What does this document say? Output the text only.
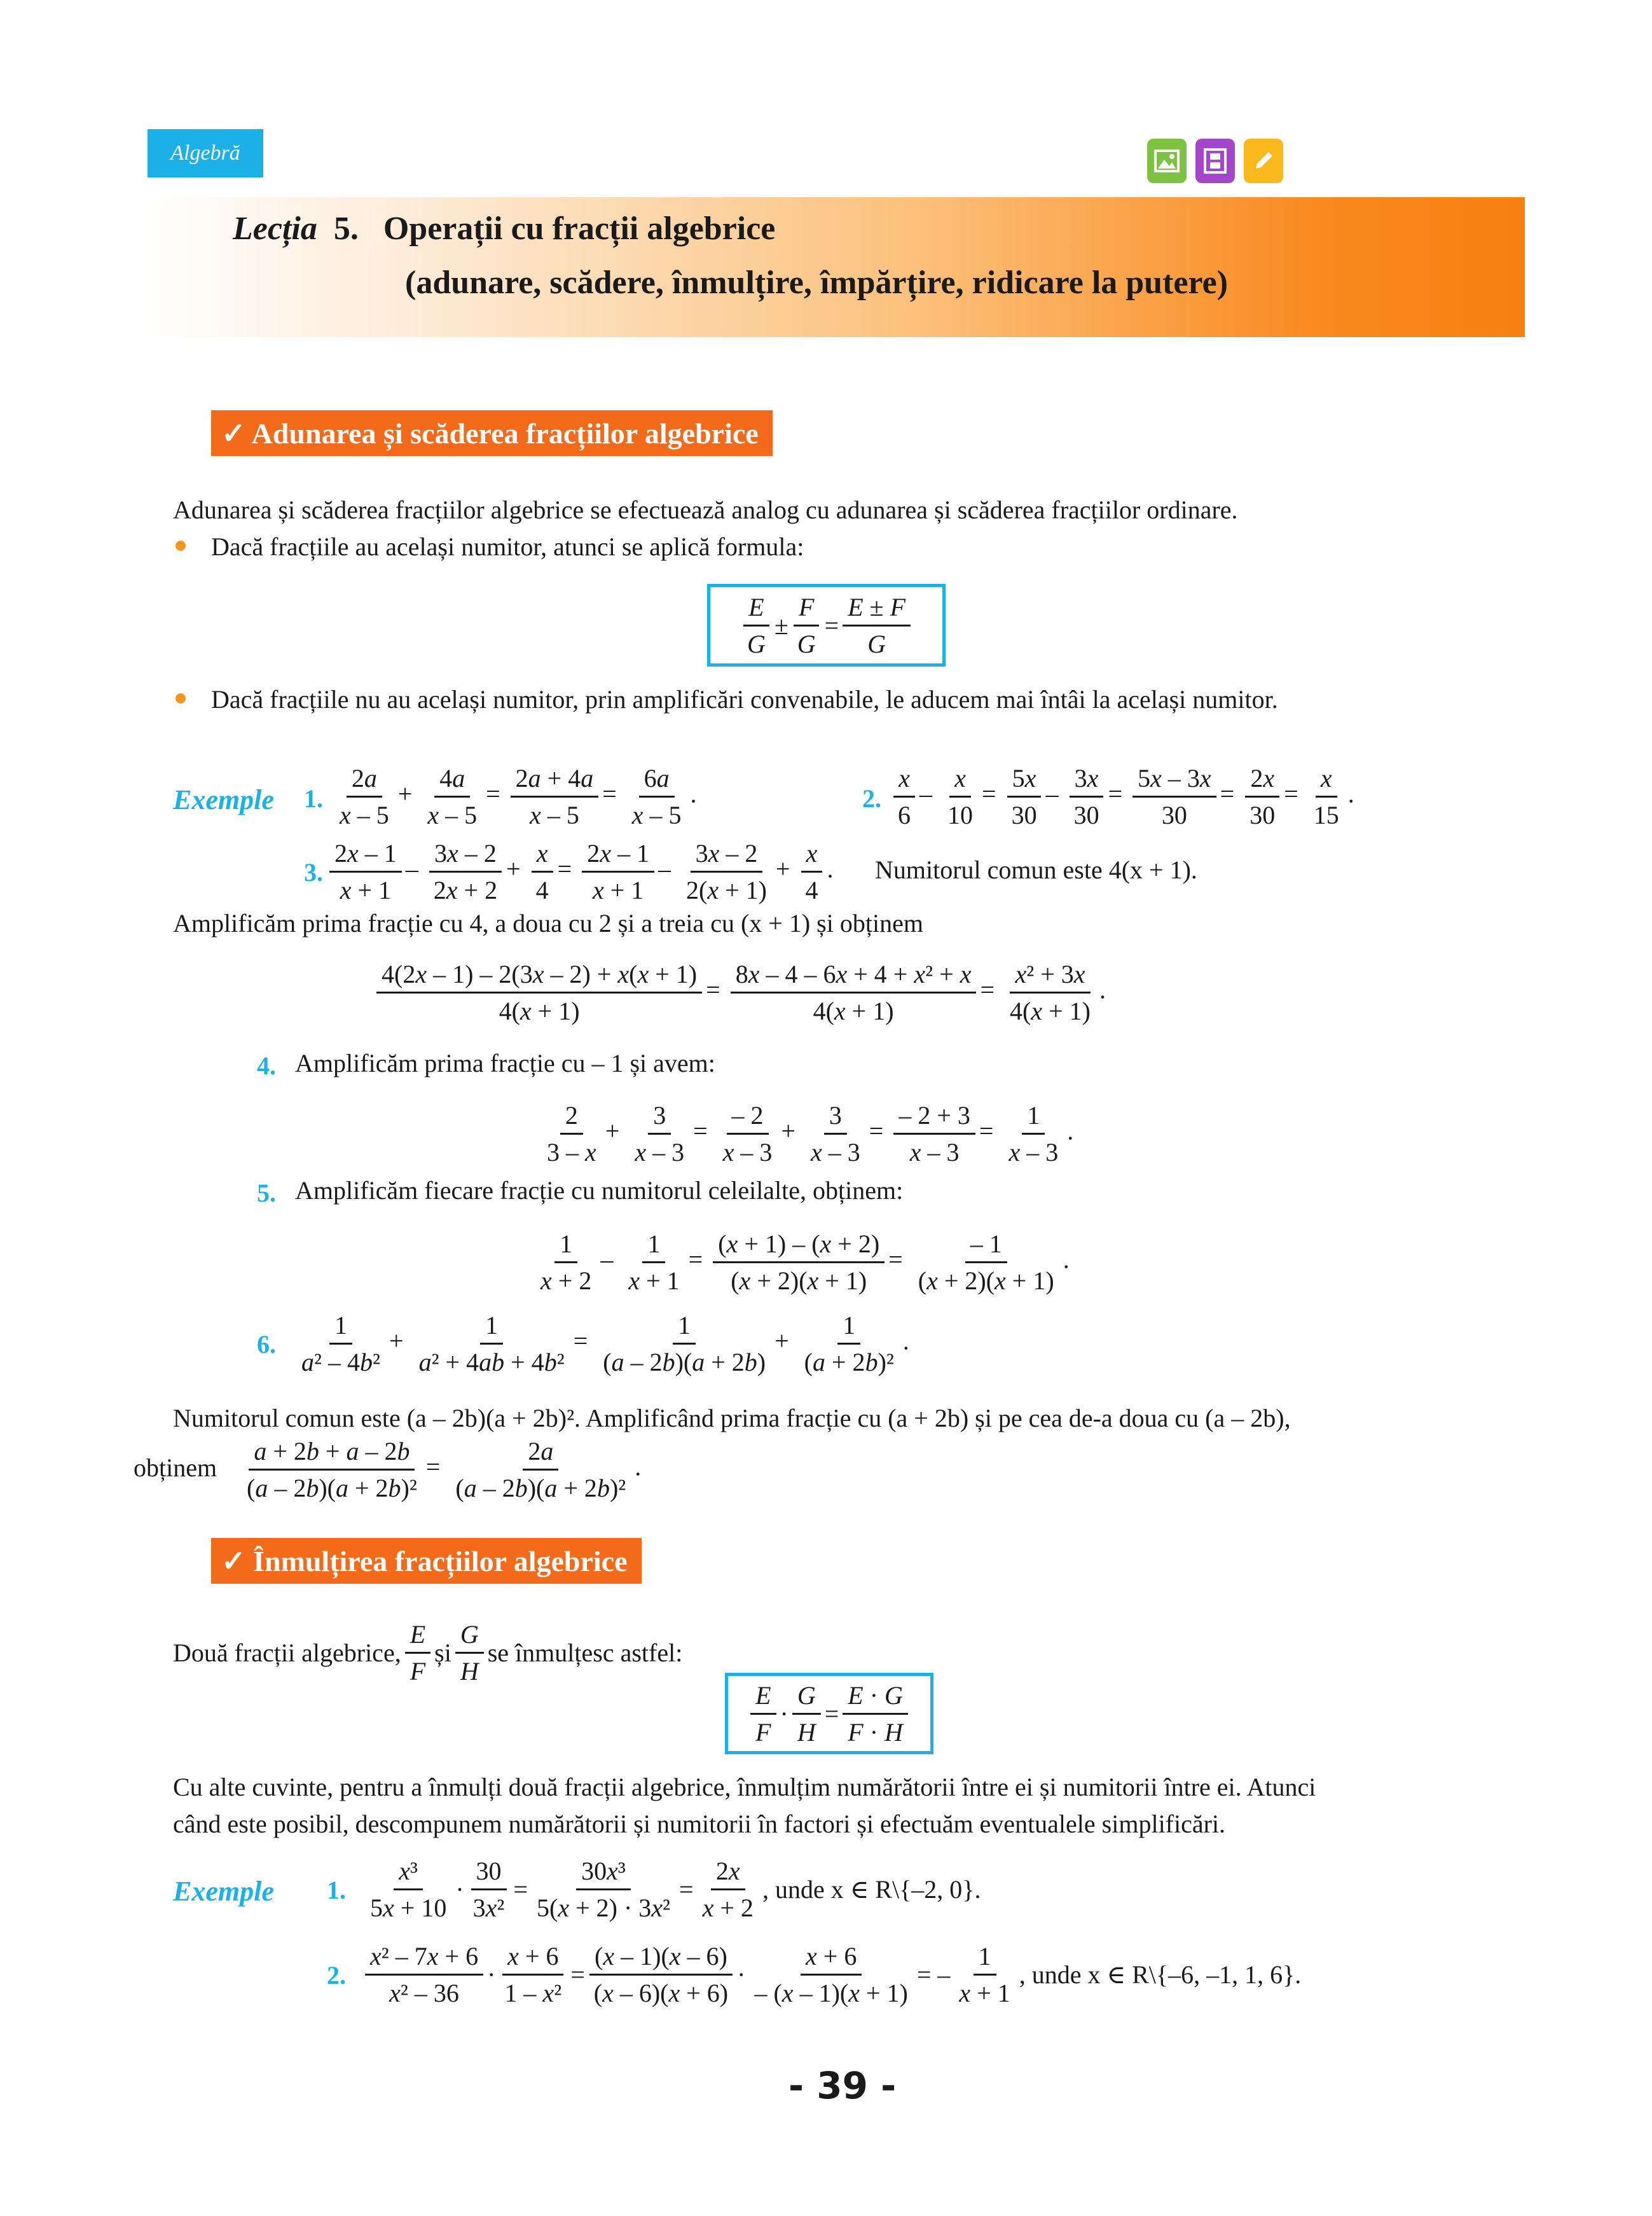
Algebră
Lecția 5. Operații cu fracții algebrice
(adunare, scădere, înmulțire, împărțire, ridicare la putere)
✓ Adunarea și scăderea fracțiilor algebrice
Adunarea și scăderea fracțiilor algebrice se efectuează analog cu adunarea și scăderea fracțiilor ordinare.
Dacă fracțiile au același numitor, atunci se aplică formula:
$\frac{E}{G} \pm \frac{F}{G} = \frac{E \pm F}{G}$
Dacă fracțiile nu au același numitor, prin amplificări convenabile, le aducem mai întâi la același numitor.
Exemple 1. $\frac{2a}{x - 5} + \frac{4a}{x - 5} = \frac{2a + 4a}{x - 5} = \frac{6a}{x - 5}$ .	2. $\frac{x}{6} - \frac{x}{10} = \frac{5x}{30} - \frac{3x}{30} = \frac{5x - 3x}{30} = \frac{2x}{30} = \frac{x}{15}$ .
3. $\frac{2x - 1}{x + 1} - \frac{3x - 2}{2x + 2} + \frac{x}{4} = \frac{2x - 1}{x + 1} - \frac{3x - 2}{2(x + 1)} + \frac{x}{4}$ . Numitorul comun este 4(x + 1).
Amplificăm prima fracție cu 4, a doua cu 2 și a treia cu (x + 1) și obținem
$\frac{4(2x - 1) - 2(3x - 2) + x(x + 1)}{4(x + 1)} = \frac{\text{8x – 4 – 6x + 4 + x² + x}}{4(x + 1)} = \frac{\text{x² + 3x}}{4(x + 1)}$ .
4. Amplificăm prima fracție cu – 1 și avem:
$\frac{2}{3 - x} + \frac{3}{x - 3} = \frac{- 2}{x - 3} + \frac{3}{x - 3} = \frac{- 2 + 3}{x - 3} = \frac{1}{x - 3}$ .
5. Amplificăm fiecare fracție cu numitorul celeilalte, obținem:
$\frac{1}{x + 2} - \frac{1}{x + 1} = \frac{(x + 1) - (x + 2)}{(x + 2)(x + 1)} = \frac{- 1}{(x + 2)(x + 1)}$ .
6. $\frac{1}{\text{a² – 4b²}} + \frac{1}{\text{a² + 4ab + 4b²}} = \frac{1}{(a - 2b)(a + 2b)} + \frac{1}{\text{(a + 2b)²}}$ .
Numitorul comun este (a – 2b)(a + 2b)². Amplificând prima fracție cu (a + 2b) și pe cea de-a doua cu (a – 2b),
obținem $\frac{a + 2b + a - 2b}{\text{(a – 2b)(a + 2b)²}} = \frac{2a}{\text{(a – 2b)(a + 2b)²}}$ .
✓ Înmulțirea fracțiilor algebrice
Două fracții algebrice, $\frac{E}{F}$ și $\frac{G}{H}$ se înmulțesc astfel:
$\frac{E}{F} \cdot \frac{G}{H} = \frac{E \cdot G}{F \cdot H}$
Cu alte cuvinte, pentru a înmulți două fracții algebrice, înmulțim numărătorii între ei și numitorii între ei. Atunci
când este posibil, descompunem numărătorii și numitorii în factori și efectuăm eventualele simplificări.
Exemple 1. $\frac{\text{x³}}{5x + 10} \cdot \frac{30}{\text{3x²}} = \frac{\text{30x³}}{\text{5(x + 2) · 3x²}} = \frac{2x}{x + 2}$ , unde x ∈ R\{–2, 0}.
2. $\frac{\text{x² – 7x + 6}}{\text{x² – 36}} \cdot \frac{x + 6}{\text{1 – x²}} = \frac{(x - 1)(x - 6)}{(x - 6)(x + 6)} \cdot \frac{x + 6}{- (x - 1)(x + 1)}$ = – $\frac{1}{x + 1}$ , unde x ∈ R\{–6, –1, 1, 6}.
- 39 -
